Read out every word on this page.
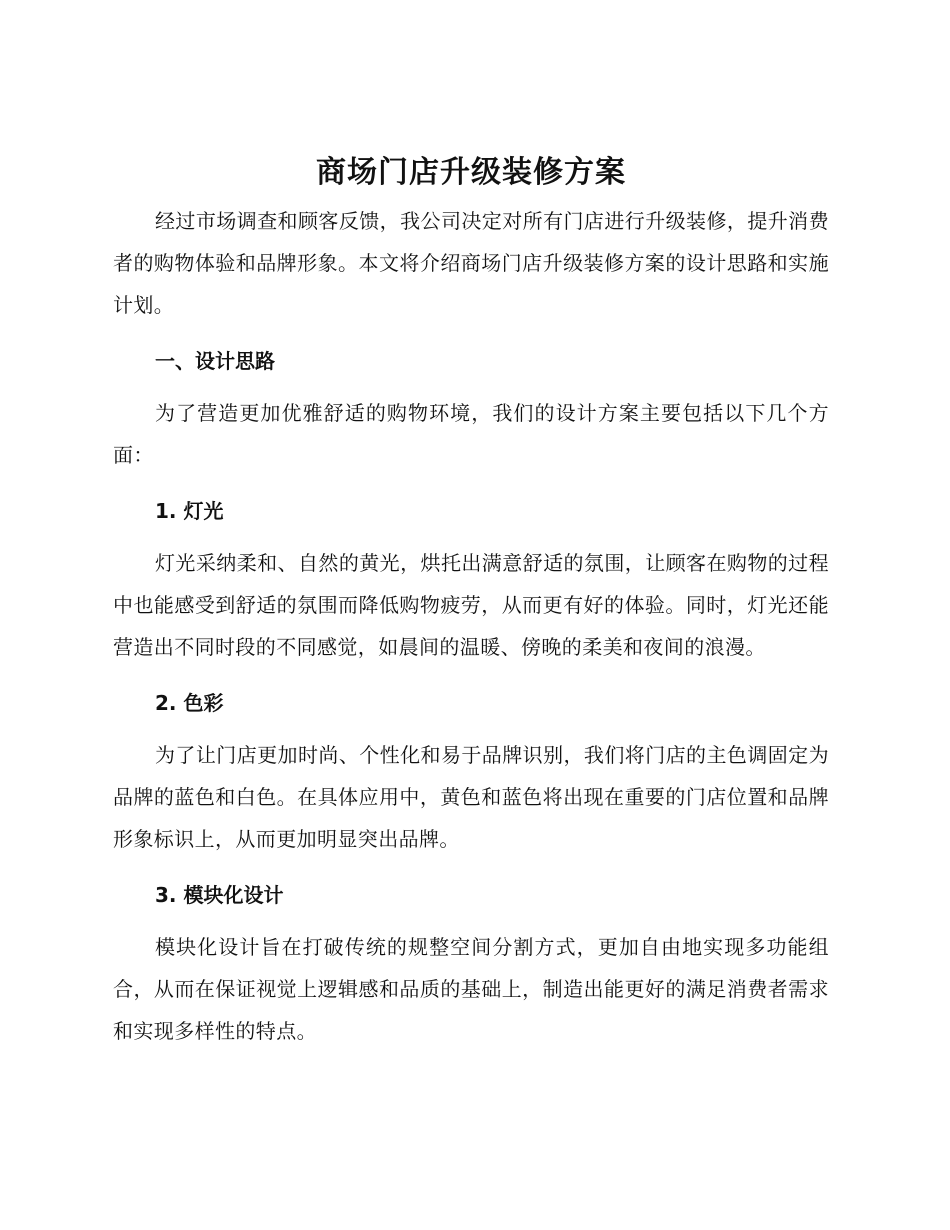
商场门店升级装修方案

经过市场调查和顾客反馈，我公司决定对所有门店进行升级装修，提升消费者的购物体验和品牌形象。本文将介绍商场门店升级装修方案的设计思路和实施计划。

一、设计思路

为了营造更加优雅舒适的购物环境，我们的设计方案主要包括以下几个方面：

1. 灯光

灯光采纳柔和、自然的黄光，烘托出满意舒适的氛围，让顾客在购物的过程中也能感受到舒适的氛围而降低购物疲劳，从而更有好的体验。同时，灯光还能营造出不同时段的不同感觉，如晨间的温暖、傍晚的柔美和夜间的浪漫。

2. 色彩

为了让门店更加时尚、个性化和易于品牌识别，我们将门店的主色调固定为品牌的蓝色和白色。在具体应用中，黄色和蓝色将出现在重要的门店位置和品牌形象标识上，从而更加明显突出品牌。

3. 模块化设计

模块化设计旨在打破传统的规整空间分割方式，更加自由地实现多功能组合，从而在保证视觉上逻辑感和品质的基础上，制造出能更好的满足消费者需求和实现多样性的特点。
